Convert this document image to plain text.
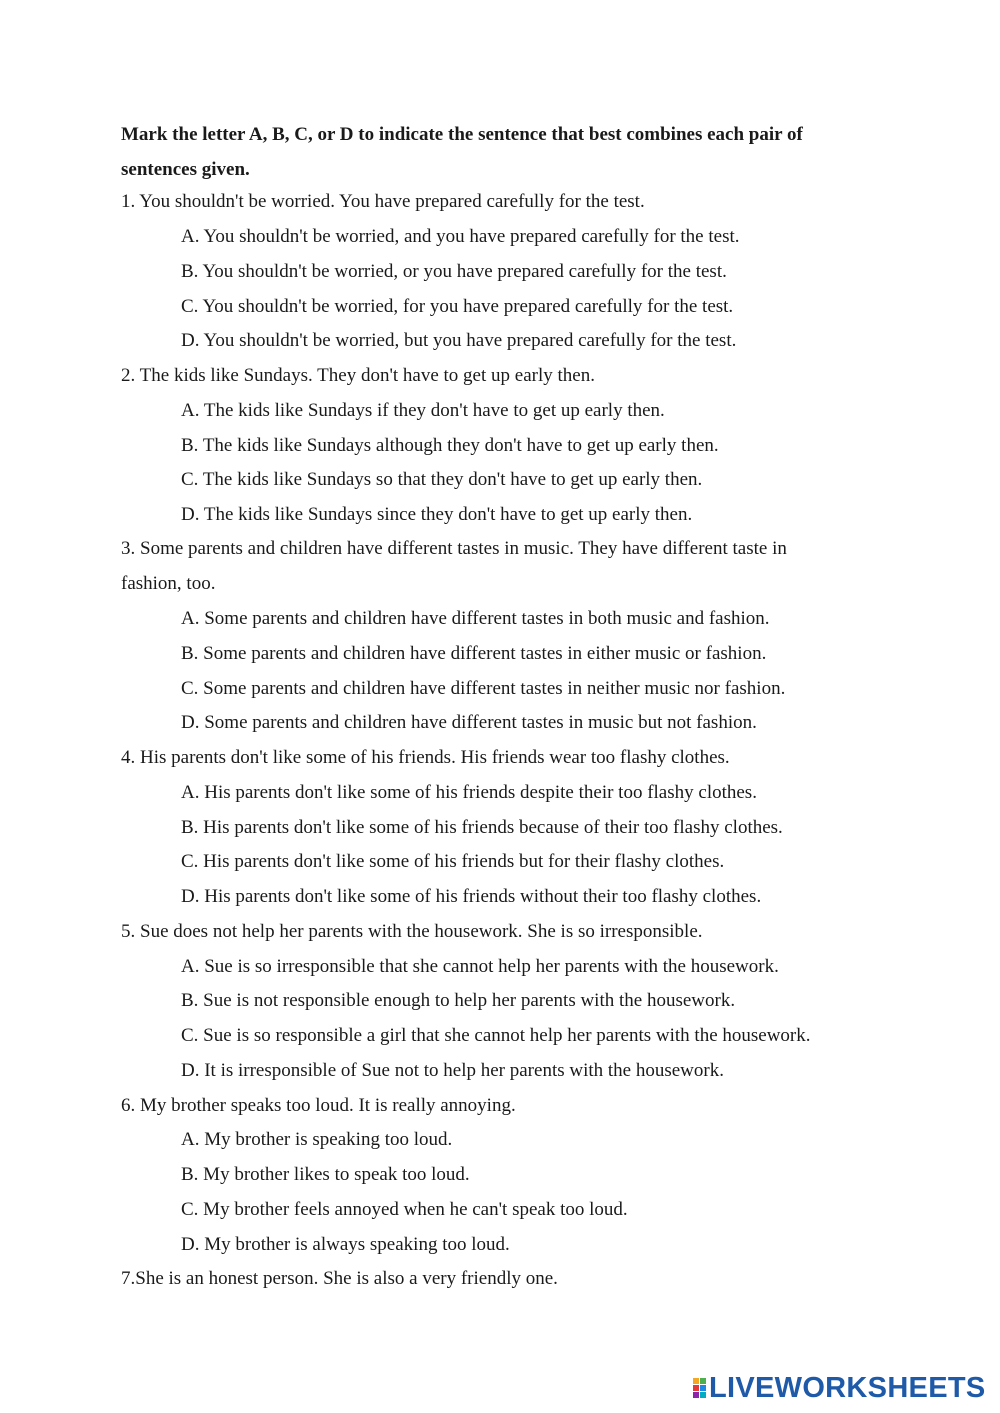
Mark the letter A, B, C, or D to indicate the sentence that best combines each pair of sentences given.
1. You shouldn't be worried. You have prepared carefully for the test.
A. You shouldn't be worried, and you have prepared carefully for the test.
B. You shouldn't be worried, or you have prepared carefully for the test.
C. You shouldn't be worried, for you have prepared carefully for the test.
D. You shouldn't be worried, but you have prepared carefully for the test.
2. The kids like Sundays. They don't have to get up early then.
A. The kids like Sundays if they don't have to get up early then.
B. The kids like Sundays although they don't have to get up early then.
C. The kids like Sundays so that they don't have to get up early then.
D. The kids like Sundays since they don't have to get up early then.
3. Some parents and children have different tastes in music. They have different taste in fashion, too.
A. Some parents and children have different tastes in both music and fashion.
B. Some parents and children have different tastes in either music or fashion.
C. Some parents and children have different tastes in neither music nor fashion.
D. Some parents and children have different tastes in music but not fashion.
4. His parents don't like some of his friends. His friends wear too flashy clothes.
A. His parents don't like some of his friends despite their too flashy clothes.
B. His parents don't like some of his friends because of their too flashy clothes.
C. His parents don't like some of his friends but for their flashy clothes.
D. His parents don't like some of his friends without their too flashy clothes.
5. Sue does not help her parents with the housework. She is so irresponsible.
A. Sue is so irresponsible that she cannot help her parents with the housework.
B. Sue is not responsible enough to help her parents with the housework.
C. Sue is so responsible a girl that she cannot help her parents with the housework.
D. It is irresponsible of Sue not to help her parents with the housework.
6. My brother speaks too loud. It is really annoying.
A. My brother is speaking too loud.
B. My brother likes to speak too loud.
C. My brother feels annoyed when he can't speak too loud.
D. My brother is always speaking too loud.
7.She is an honest person. She is also a very friendly one.
LIVEWORKSHEETS
